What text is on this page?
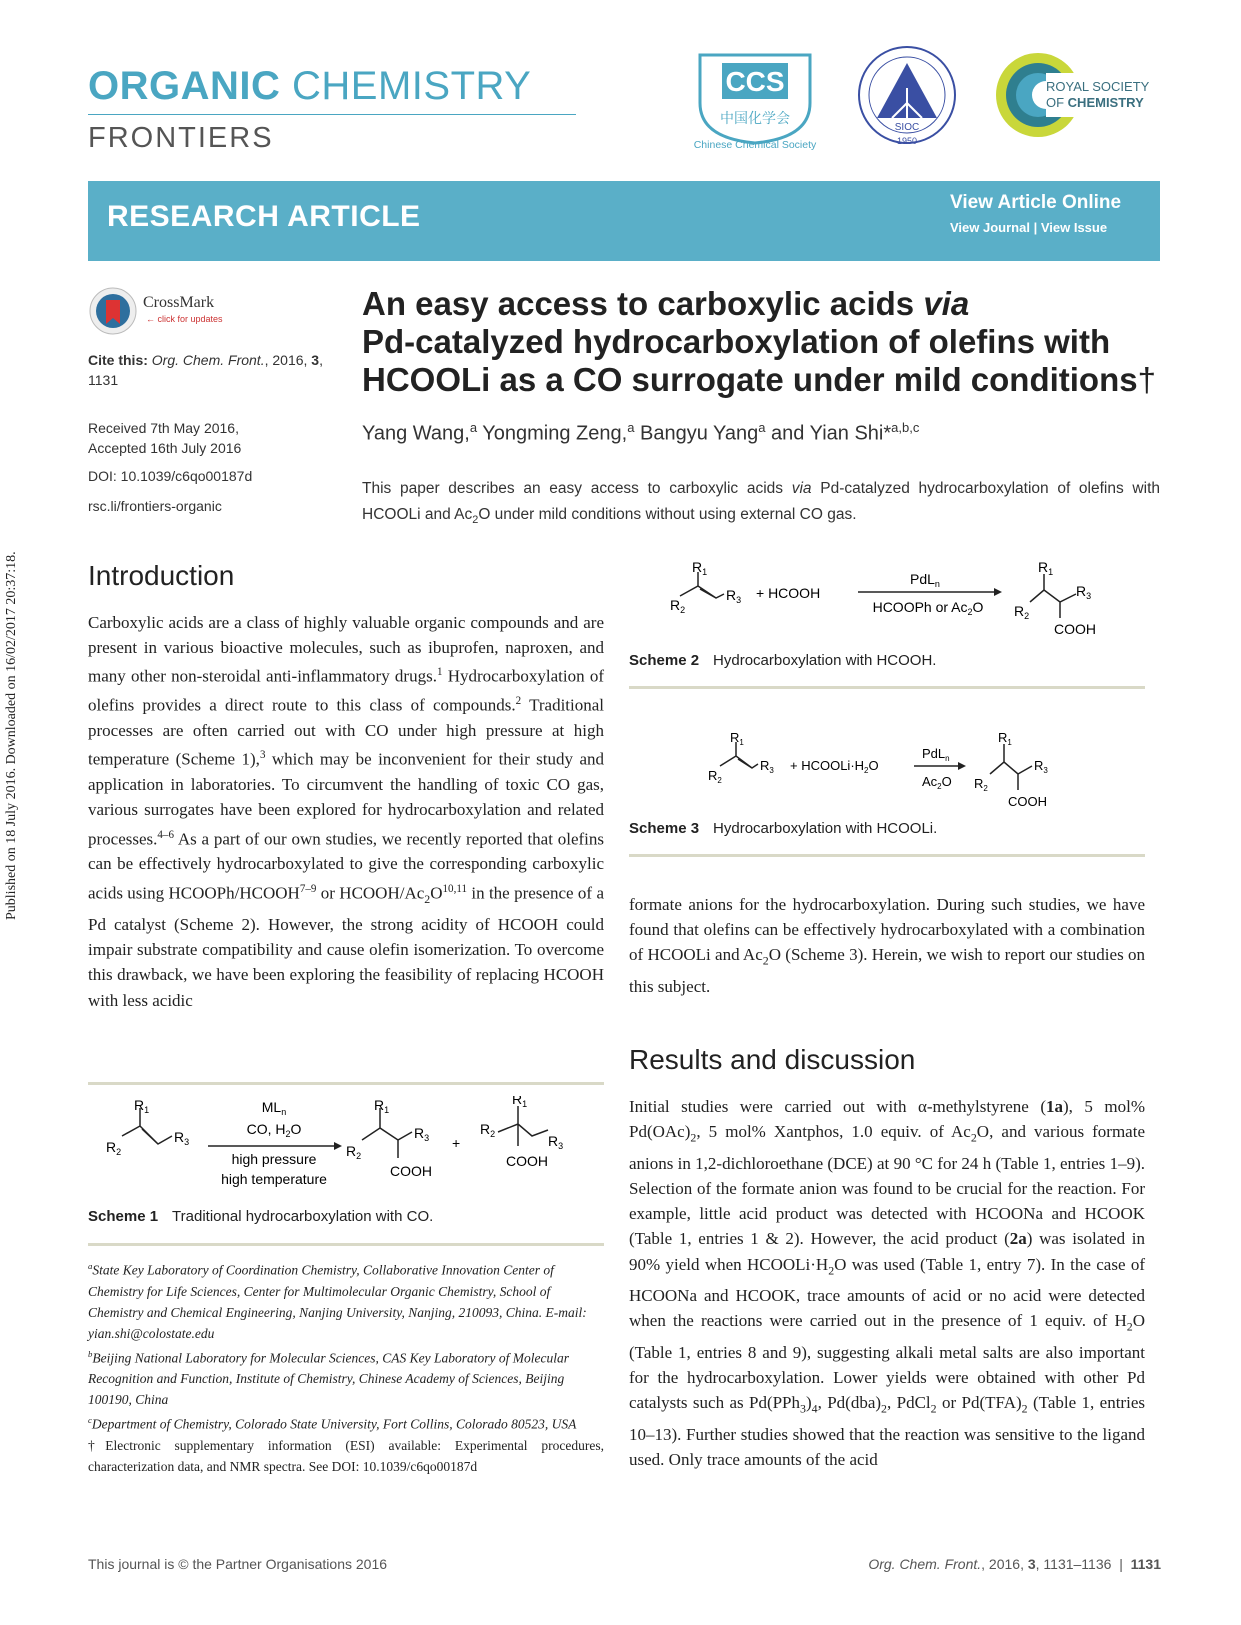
ORGANIC CHEMISTRY
FRONTIERS
CCS
中国化学会
Chinese Chemical Society
SIOC
1950
ROYAL SOCIETY
OF CHEMISTRY
RESEARCH ARTICLE	View Article Online
View Journal | View Issue
Published on 18 July 2016. Downloaded on 16/02/2017 20:37:18.
CrossMark
← click for updates
Cite this: Org. Chem. Front., 2016, 3, 1131
Received 7th May 2016,
Accepted 16th July 2016
DOI: 10.1039/c6qo00187d
rsc.li/frontiers-organic
An easy access to carboxylic acids via
Pd-catalyzed hydrocarboxylation of olefins with
HCOOLi as a CO surrogate under mild conditions†
Yang Wang,$^a$ Yongming Zeng,$^a$ Bangyu Yang$^a$ and Yian Shi*$^{a,b,c}$
This paper describes an easy access to carboxylic acids via Pd-catalyzed hydrocarboxylation of olefins with HCOOLi and $Ac_2O$ under mild conditions without using external CO gas.
Introduction
Carboxylic acids are a class of highly valuable organic compounds and are present in various bioactive molecules, such as ibuprofen, naproxen, and many other non-steroidal anti-inflammatory drugs.$^1$ Hydrocarboxylation of olefins provides a direct route to this class of compounds.$^2$ Traditional processes are often carried out with CO under high pressure at high temperature (Scheme 1),$^3$ which may be inconvenient for their study and application in laboratories. To circumvent the handling of toxic CO gas, various surrogates have been explored for hydrocarboxylation and related processes.$^{4-6}$ As a part of our own studies, we recently reported that olefins can be effectively hydrocarboxylated to give the corresponding carboxylic acids using HCOOPh/HCOOH$^{7-9}$ or HCOOH/$Ac_2O^{10,11}$ in the presence of a Pd catalyst (Scheme 2). However, the strong acidity of HCOOH could impair substrate compatibility and cause olefin isomerization. To overcome this drawback, we have been exploring the feasibility of replacing HCOOH with less acidic
$R_1$
$R_2$
$R_3$
$ML_n$
CO, $H_2O$
high pressure
high temperature
$R_1$
$R_2$
$R_3$
COOH
+
$R_1$
$R_2$	$R_3$
COOH
Scheme 1 Traditional hydrocarboxylation with CO.
$^a$State Key Laboratory of Coordination Chemistry, Collaborative Innovation Center of Chemistry for Life Sciences, Center for Multimolecular Organic Chemistry, School of Chemistry and Chemical Engineering, Nanjing University, Nanjing, 210093, China. E-mail: yian.shi@colostate.edu
$^b$Beijing National Laboratory for Molecular Sciences, CAS Key Laboratory of Molecular Recognition and Function, Institute of Chemistry, Chinese Academy of Sciences, Beijing 100190, China
$^c$Department of Chemistry, Colorado State University, Fort Collins, Colorado 80523, USA
†Electronic supplementary information (ESI) available: Experimental procedures, characterization data, and NMR spectra. See DOI: 10.1039/c6qo00187d
$R_1$
$R_2$
$R_3$ + HCOOH
PdL$_n$
HCOOPh or $Ac_2O$
$R_1$
$R_2$
$R_3$
COOH
Scheme 2 Hydrocarboxylation with HCOOH.
$R_1$
$R_2$
$R_3$ + $HCOOLi\cdot H_2O$
PdL$_n$
$Ac_2O$
$R_1$
$R_2$
$R_3$
COOH
Scheme 3 Hydrocarboxylation with HCOOLi.
formate anions for the hydrocarboxylation. During such studies, we have found that olefins can be effectively hydrocarboxylated with a combination of HCOOLi and $Ac_2O$ (Scheme 3). Herein, we wish to report our studies on this subject.
Results and discussion
Initial studies were carried out with α-methylstyrene (1a), 5 mol% $Pd(OAc)_2$, 5 mol% Xantphos, 1.0 equiv. of $Ac_2O$, and various formate anions in 1,2-dichloroethane (DCE) at 90 °C for 24 h (Table 1, entries 1–9). Selection of the formate anion was found to be crucial for the reaction. For example, little acid product was detected with HCOONa and HCOOK (Table 1, entries 1 & 2). However, the acid product (2a) was isolated in 90% yield when $HCOOLi\cdot H_2O$ was used (Table 1, entry 7). In the case of HCOONa and HCOOK, trace amounts of acid or no acid were detected when the reactions were carried out in the presence of 1 equiv. of $H_2O$ (Table 1, entries 8 and 9), suggesting alkali metal salts are also important for the hydrocarboxylation. Lower yields were obtained with other Pd catalysts such as $Pd(PPh_3)_4$, $Pd(dba)_2$, PdCl$_2$ or $Pd(TFA)_2$ (Table 1, entries 10–13). Further studies showed that the reaction was sensitive to the ligand used. Only trace amounts of the acid
This journal is © the Partner Organisations 2016	Org. Chem. Front., 2016, 3, 1131–1136  |  1131
